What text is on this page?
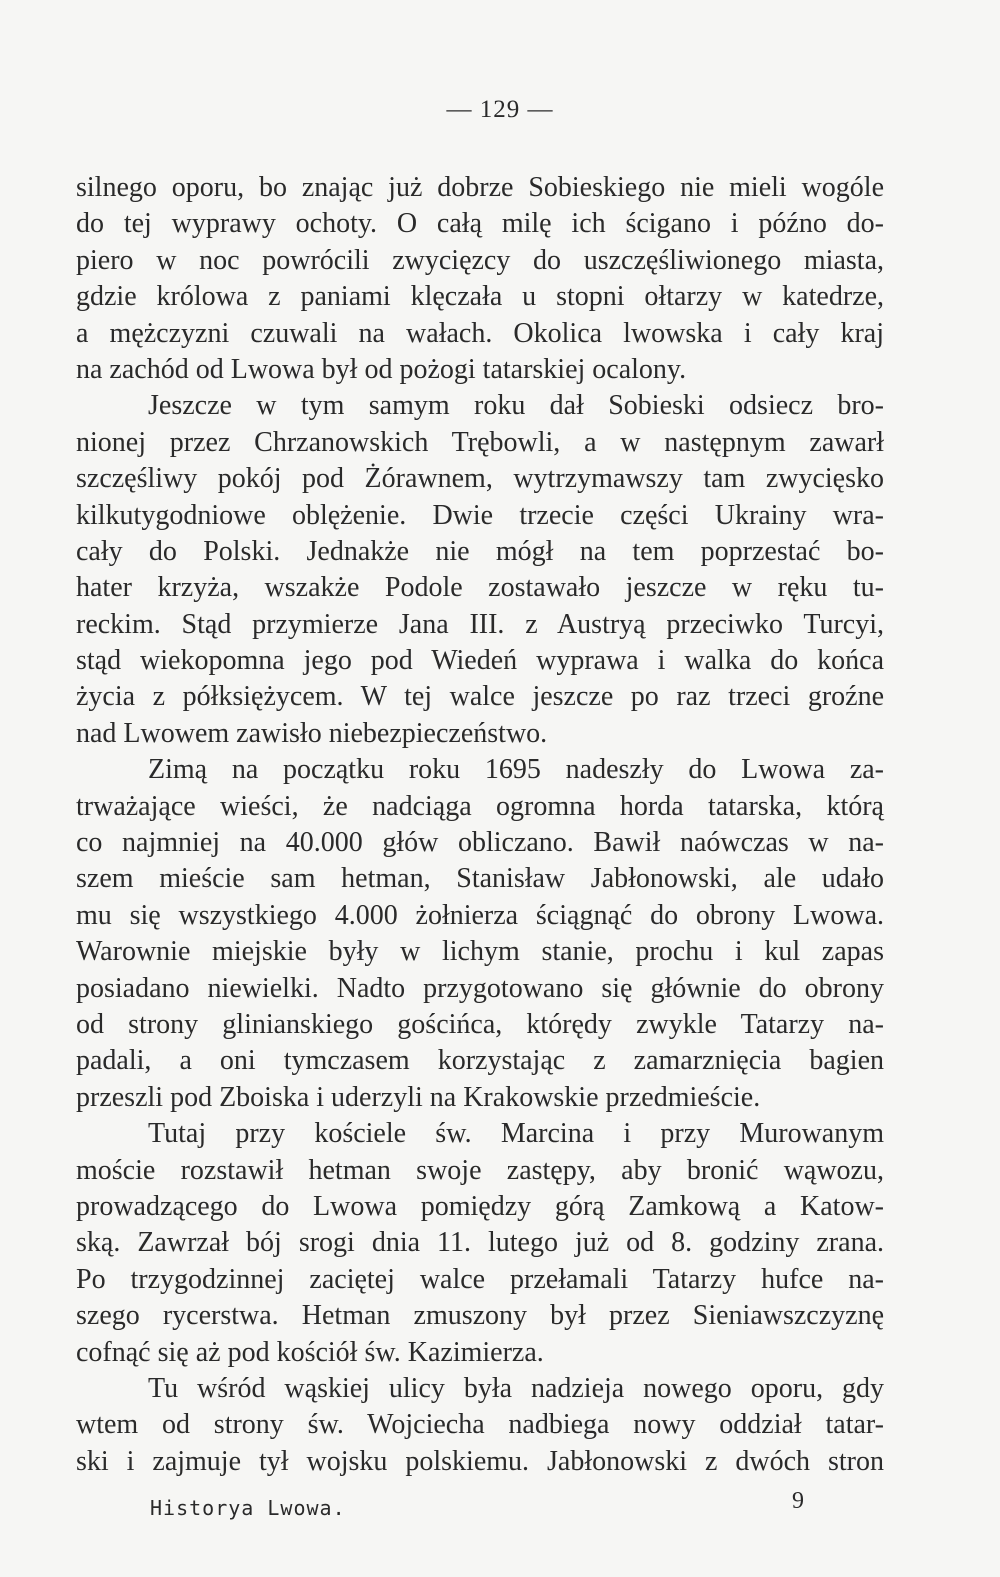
— 129 —
silnego oporu, bo znając już dobrze Sobieskiego nie mieli wogóle
do tej wyprawy ochoty. O całą milę ich ścigano i późno do-
piero w noc powrócili zwycięzcy do uszczęśliwionego miasta,
gdzie królowa z paniami klęczała u stopni ołtarzy w katedrze,
a mężczyzni czuwali na wałach. Okolica lwowska i cały kraj
na zachód od Lwowa był od pożogi tatarskiej ocalony.
Jeszcze w tym samym roku dał Sobieski odsiecz bro-
nionej przez Chrzanowskich Trębowli, a w następnym zawarł
szczęśliwy pokój pod Żórawnem, wytrzymawszy tam zwycięsko
kilkutygodniowe oblężenie. Dwie trzecie części Ukrainy wra-
cały do Polski. Jednakże nie mógł na tem poprzestać bo-
hater krzyża, wszakże Podole zostawało jeszcze w ręku tu-
reckim. Stąd przymierze Jana III. z Austryą przeciwko Turcyi,
stąd wiekopomna jego pod Wiedeń wyprawa i walka do końca
życia z półksiężycem. W tej walce jeszcze po raz trzeci groźne
nad Lwowem zawisło niebezpieczeństwo.
Zimą na początku roku 1695 nadeszły do Lwowa za-
trważające wieści, że nadciąga ogromna horda tatarska, którą
co najmniej na 40.000 głów obliczano. Bawił naówczas w na-
szem mieście sam hetman, Stanisław Jabłonowski, ale udało
mu się wszystkiego 4.000 żołnierza ściągnąć do obrony Lwowa.
Warownie miejskie były w lichym stanie, prochu i kul zapas
posiadano niewielki. Nadto przygotowano się głównie do obrony
od strony glinianskiego gościńca, którędy zwykle Tatarzy na-
padali, a oni tymczasem korzystając z zamarznięcia bagien
przeszli pod Zboiska i uderzyli na Krakowskie przedmieście.
Tutaj przy kościele św. Marcina i przy Murowanym
moście rozstawił hetman swoje zastępy, aby bronić wąwozu,
prowadzącego do Lwowa pomiędzy górą Zamkową a Katow-
ską. Zawrzał bój srogi dnia 11. lutego już od 8. godziny zrana.
Po trzygodzinnej zaciętej walce przełamali Tatarzy hufce na-
szego rycerstwa. Hetman zmuszony był przez Sieniawszczyznę
cofnąć się aż pod kościół św. Kazimierza.
Tu wśród wąskiej ulicy była nadzieja nowego oporu, gdy
wtem od strony św. Wojciecha nadbiega nowy oddział tatar-
ski i zajmuje tył wojsku polskiemu. Jabłonowski z dwóch stron
Historya Lwowa.	9
